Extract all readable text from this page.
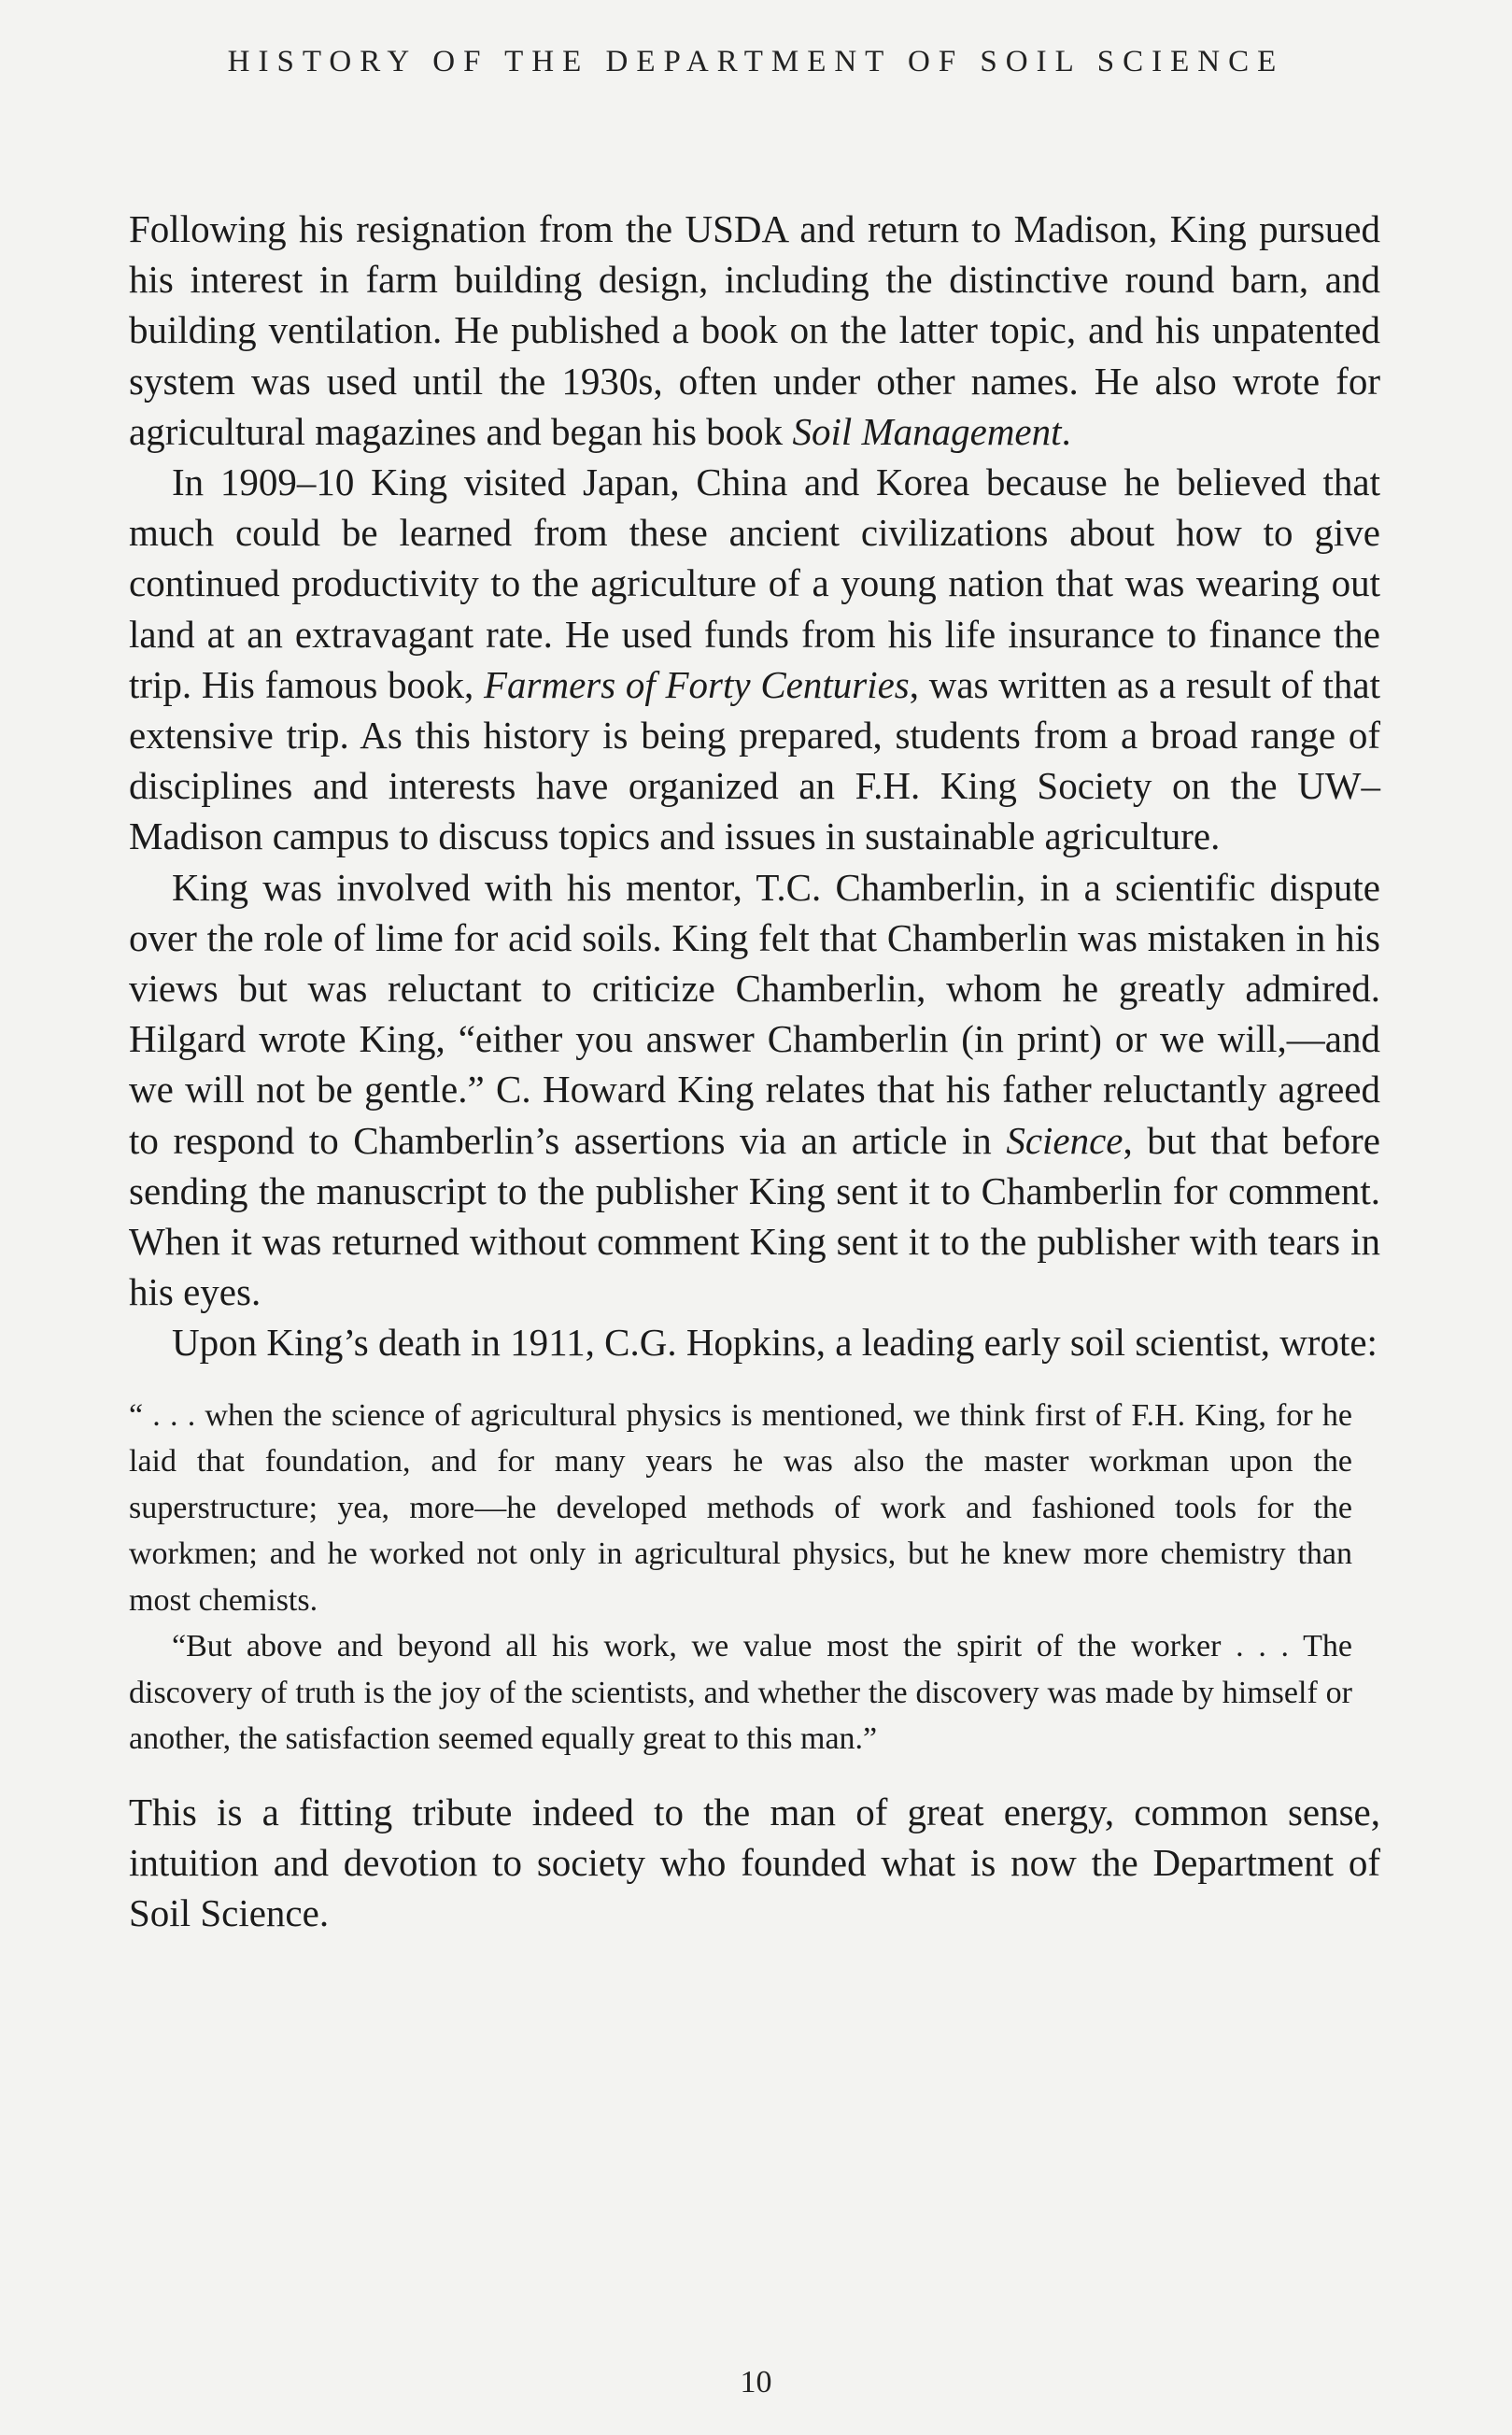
HISTORY OF THE DEPARTMENT OF SOIL SCIENCE

Following his resignation from the USDA and return to Madison, King pursued his interest in farm building design, including the distinctive round barn, and building ventilation. He published a book on the latter topic, and his unpatented system was used until the 1930s, often under other names. He also wrote for agricultural magazines and began his book Soil Management.

In 1909–10 King visited Japan, China and Korea because he believed that much could be learned from these ancient civilizations about how to give continued productivity to the agriculture of a young nation that was wearing out land at an extravagant rate. He used funds from his life insurance to finance the trip. His famous book, Farmers of Forty Centuries, was written as a result of that extensive trip. As this history is being prepared, students from a broad range of disciplines and interests have organized an F.H. King Society on the UW–Madison campus to discuss topics and issues in sustainable agriculture.

King was involved with his mentor, T.C. Chamberlin, in a scientific dispute over the role of lime for acid soils. King felt that Chamberlin was mistaken in his views but was reluctant to criticize Chamberlin, whom he greatly admired. Hilgard wrote King, “either you answer Chamberlin (in print) or we will,—and we will not be gentle.” C. Howard King relates that his father reluctantly agreed to respond to Chamberlin’s assertions via an article in Science, but that before sending the manuscript to the publisher King sent it to Chamberlin for comment. When it was returned without comment King sent it to the publisher with tears in his eyes.

Upon King’s death in 1911, C.G. Hopkins, a leading early soil scientist, wrote:

“ . . . when the science of agricultural physics is mentioned, we think first of F.H. King, for he laid that foundation, and for many years he was also the master workman upon the superstructure; yea, more—he developed methods of work and fashioned tools for the workmen; and he worked not only in agricultural physics, but he knew more chemistry than most chemists.

“But above and beyond all his work, we value most the spirit of the worker . . . The discovery of truth is the joy of the scientists, and whether the discovery was made by himself or another, the satisfaction seemed equally great to this man.”

This is a fitting tribute indeed to the man of great energy, common sense, intuition and devotion to society who founded what is now the Department of Soil Science.

10
